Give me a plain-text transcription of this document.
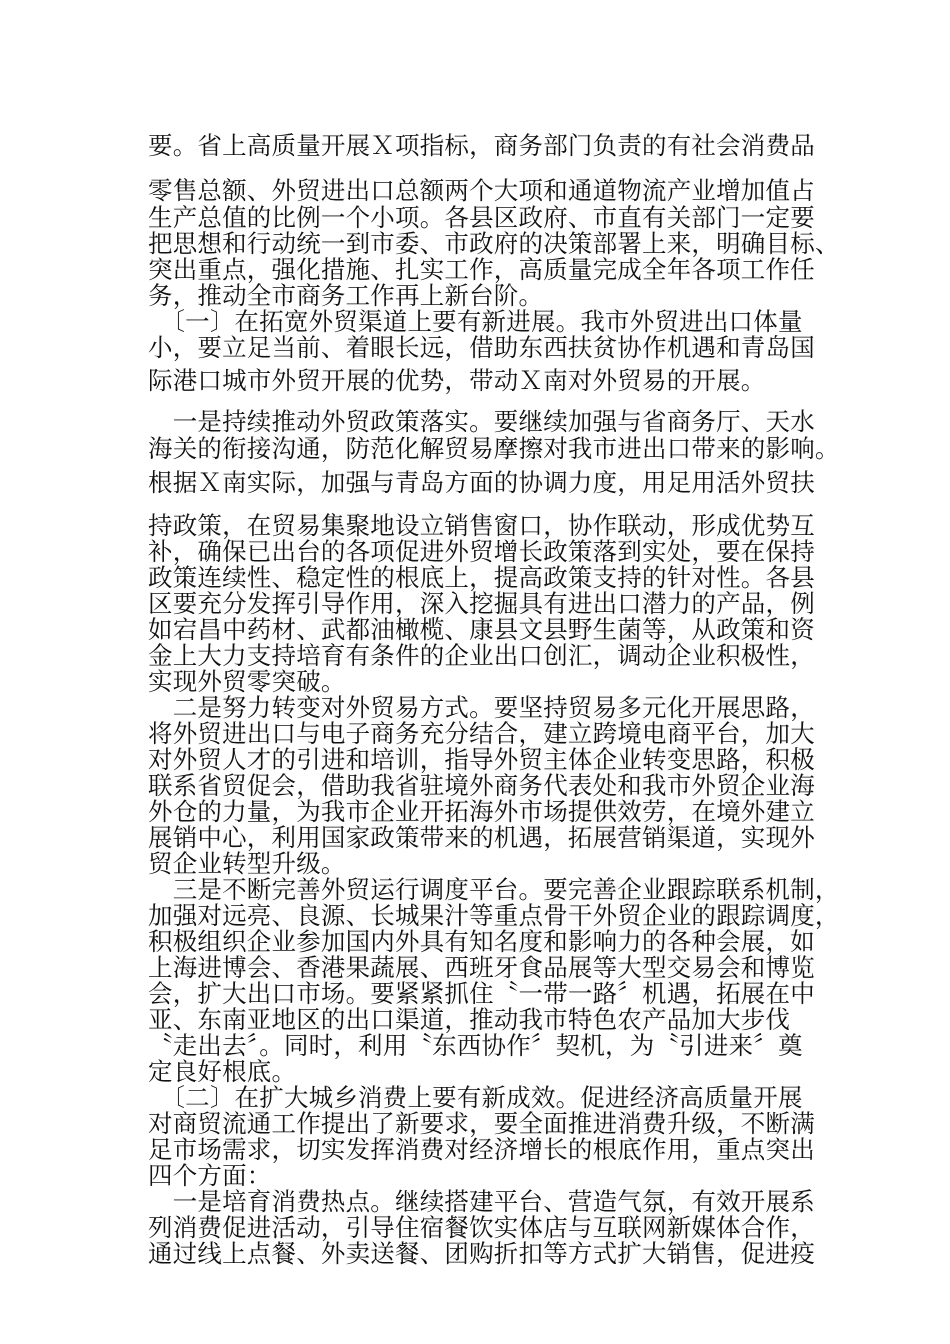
要。省上高质量开展Ｘ项指标，商务部门负责的有社会消费品

零售总额、外贸进出口总额两个大项和通道物流产业增加值占

生产总值的比例一个小项。各县区政府、市直有关部门一定要

把思想和行动统一到市委、市政府的决策部署上来，明确目标、

突出重点，强化措施、扎实工作，高质量完成全年各项工作任

务，推动全市商务工作再上新台阶。

　〔一〕在拓宽外贸渠道上要有新进展。我市外贸进出口体量

小，要立足当前、着眼长远，借助东西扶贫协作机遇和青岛国

际港口城市外贸开展的优势，带动Ｘ南对外贸易的开展。

　一是持续推动外贸政策落实。要继续加强与省商务厅、天水

海关的衔接沟通，防范化解贸易摩擦对我市进出口带来的影响。

根据Ｘ南实际，加强与青岛方面的协调力度，用足用活外贸扶

持政策，在贸易集聚地设立销售窗口，协作联动，形成优势互

补，确保已出台的各项促进外贸增长政策落到实处，要在保持

政策连续性、稳定性的根底上，提高政策支持的针对性。各县

区要充分发挥引导作用，深入挖掘具有进出口潜力的产品，例

如宕昌中药材、武都油橄榄、康县文县野生菌等，从政策和资

金上大力支持培育有条件的企业出口创汇，调动企业积极性，

实现外贸零突破。

　二是努力转变对外贸易方式。要坚持贸易多元化开展思路，

将外贸进出口与电子商务充分结合，建立跨境电商平台，加大

对外贸人才的引进和培训，指导外贸主体企业转变思路，积极

联系省贸促会，借助我省驻境外商务代表处和我市外贸企业海

外仓的力量，为我市企业开拓海外市场提供效劳，在境外建立

展销中心，利用国家政策带来的机遇，拓展营销渠道，实现外

贸企业转型升级。

　三是不断完善外贸运行调度平台。要完善企业跟踪联系机制，

加强对远亮、良源、长城果汁等重点骨干外贸企业的跟踪调度，

积极组织企业参加国内外具有知名度和影响力的各种会展，如

上海进博会、香港果蔬展、西班牙食品展等大型交易会和博览

会，扩大出口市场。要紧紧抓住〝一带一路〞机遇，拓展在中

亚、东南亚地区的出口渠道，推动我市特色农产品加大步伐

〝走出去〞。同时，利用〝东西协作〞契机，为〝引进来〞奠

定良好根底。

　〔二〕在扩大城乡消费上要有新成效。促进经济高质量开展

对商贸流通工作提出了新要求，要全面推进消费升级，不断满

足市场需求，切实发挥消费对经济增长的根底作用，重点突出

四个方面：

　一是培育消费热点。继续搭建平台、营造气氛，有效开展系

列消费促进活动，引导住宿餐饮实体店与互联网新媒体合作，

通过线上点餐、外卖送餐、团购折扣等方式扩大销售，促进疫
